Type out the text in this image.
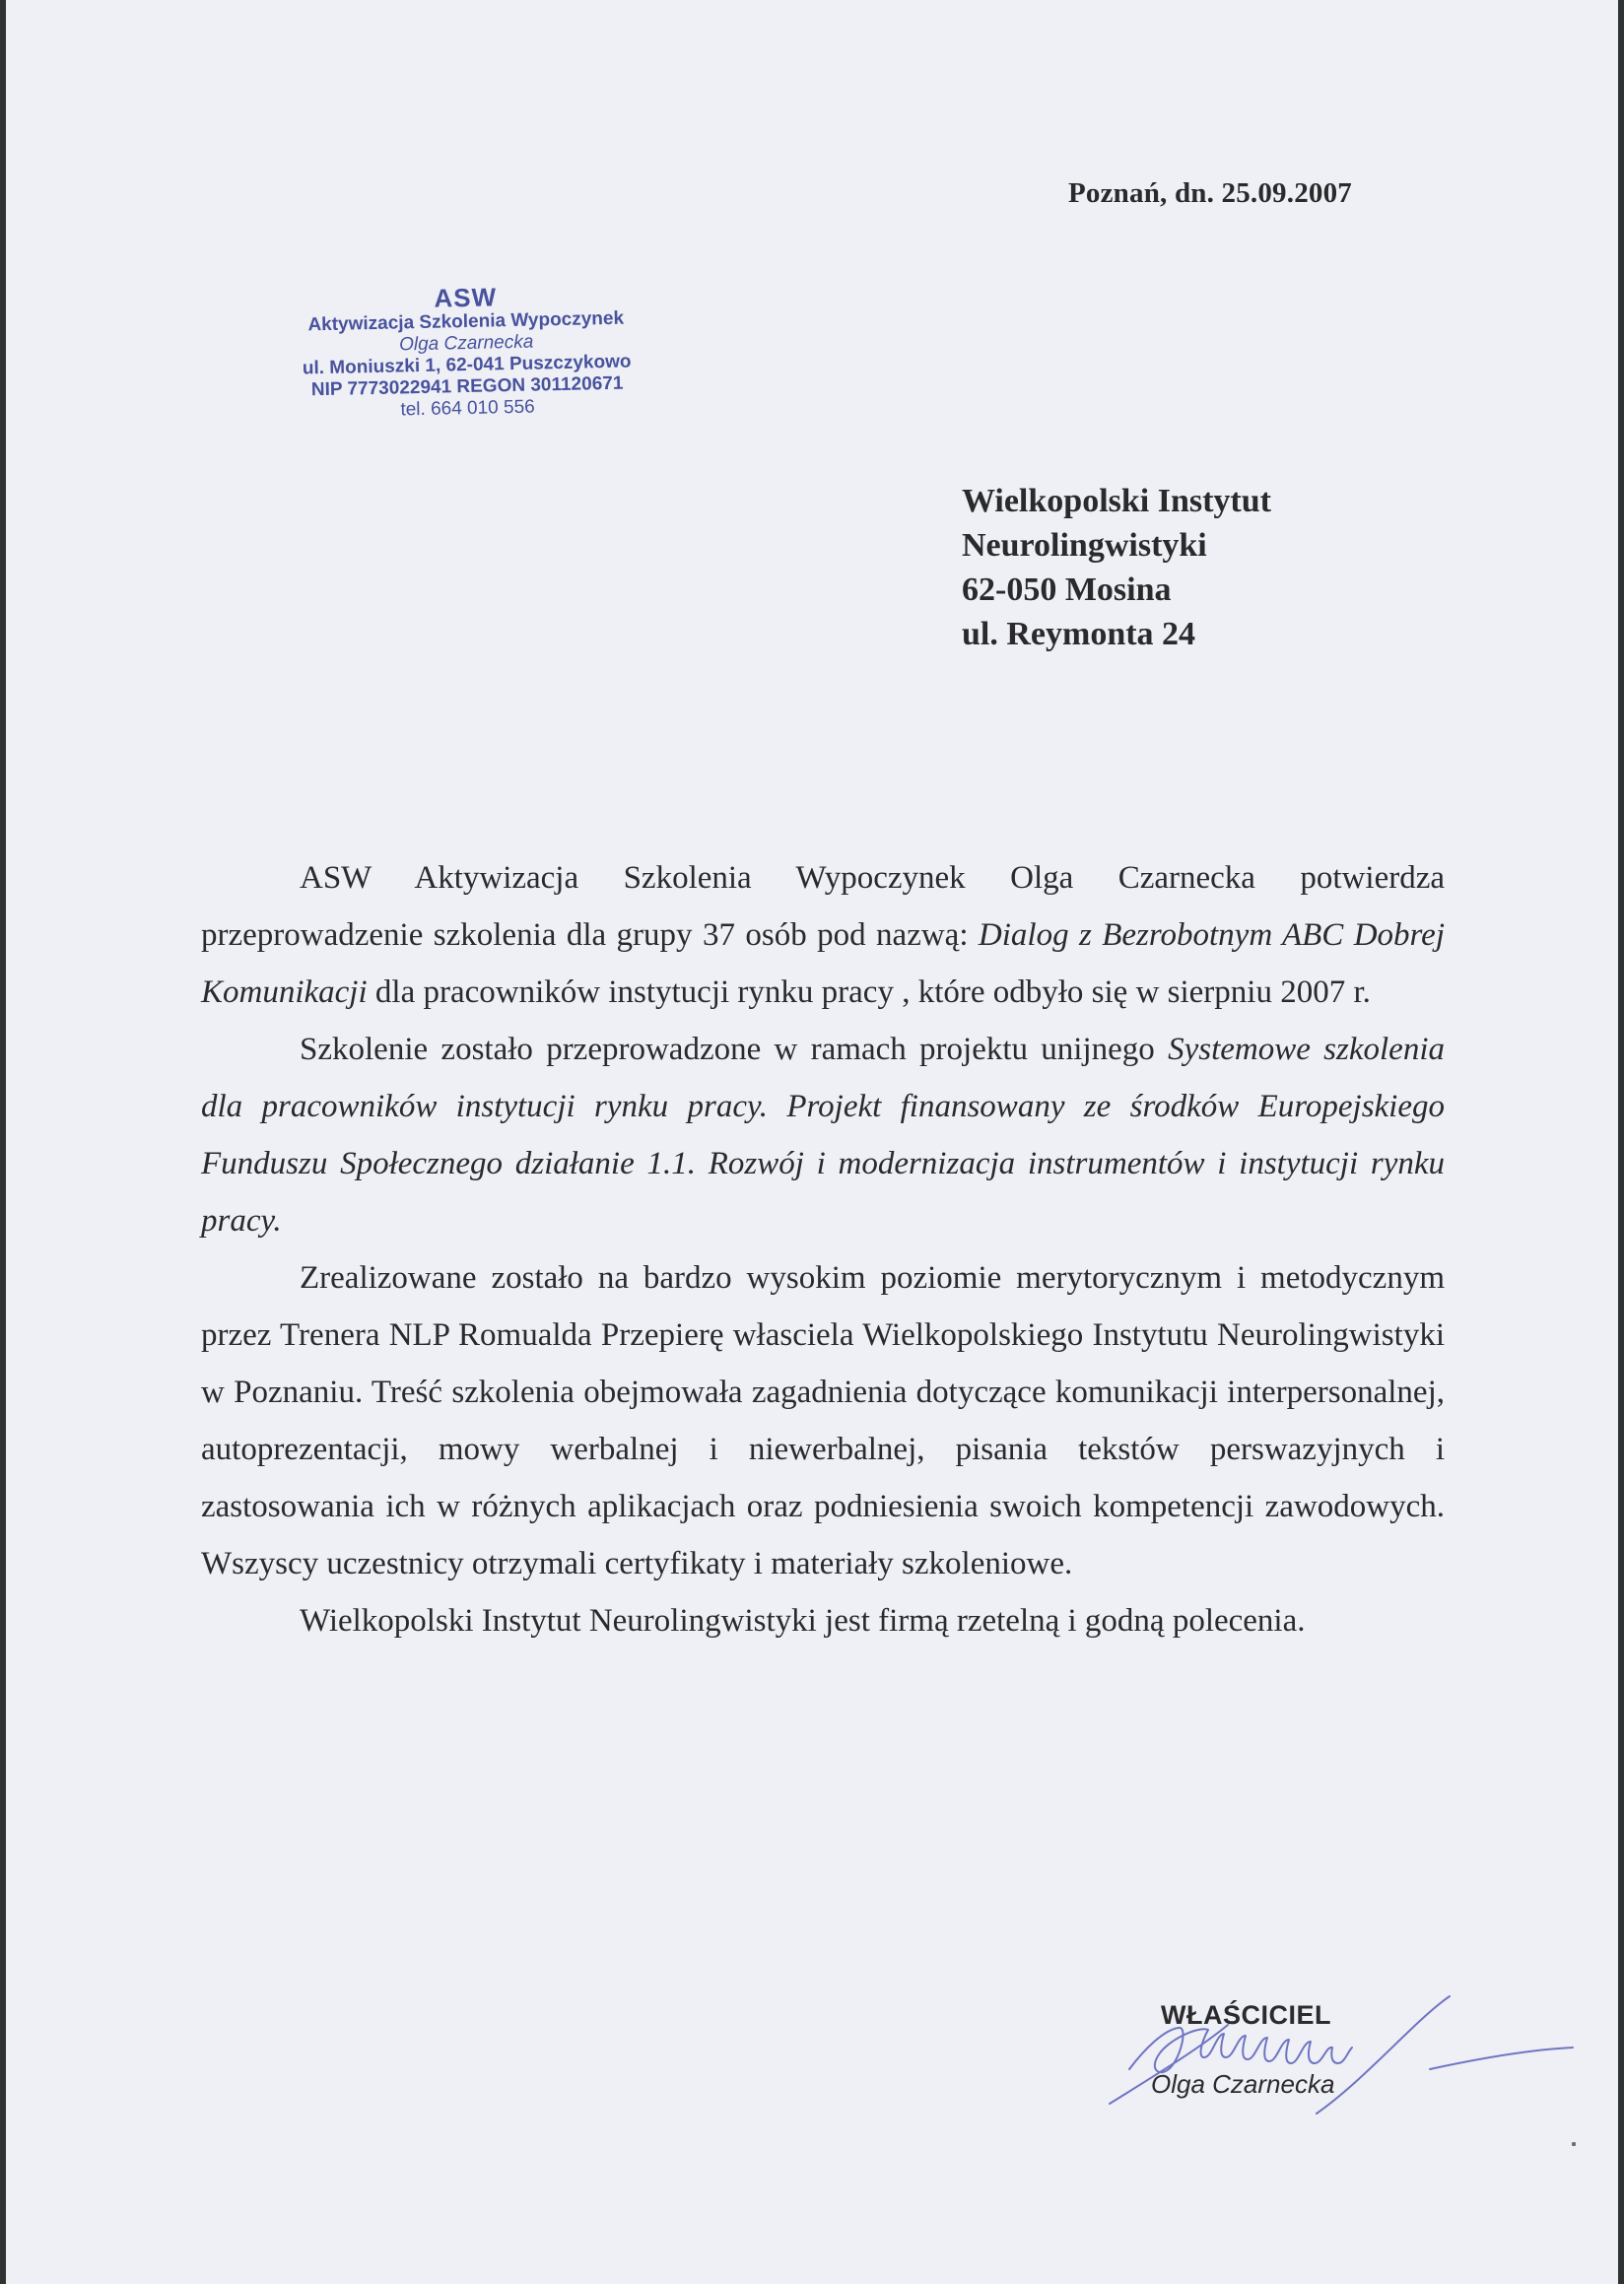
Poznań, dn. 25.09.2007
ASW
Aktywizacja Szkolenia Wypoczynek
Olga Czarnecka
ul. Moniuszki 1, 62-041 Puszczykowo
NIP 7773022941 REGON 301120671
tel. 664 010 556
Wielkopolski Instytut
Neurolingwistyki
62-050 Mosina
ul. Reymonta 24

ASW Aktywizacja Szkolenia Wypoczynek Olga Czarnecka potwierdza przeprowadzenie szkolenia dla grupy 37 osób pod nazwą: Dialog z Bezrobotnym ABC Dobrej Komunikacji dla pracowników instytucji rynku pracy , które odbyło się w sierpniu 2007 r.

Szkolenie zostało przeprowadzone w ramach projektu unijnego Systemowe szkolenia dla pracowników instytucji rynku pracy. Projekt finansowany ze środków Europejskiego Funduszu Społecznego działanie 1.1. Rozwój i modernizacja instrumentów i instytucji rynku pracy.

Zrealizowane zostało na bardzo wysokim poziomie merytorycznym i metodycznym przez Trenera NLP Romualda Przepierę własciela Wielkopolskiego Instytutu Neurolingwistyki w Poznaniu. Treść szkolenia obejmowała zagadnienia dotyczące komunikacji interpersonalnej, autoprezentacji, mowy werbalnej i niewerbalnej, pisania tekstów perswazyjnych i zastosowania ich w różnych aplikacjach oraz podniesienia swoich kompetencji zawodowych. Wszyscy uczestnicy otrzymali certyfikaty i materiały szkoleniowe.

Wielkopolski Instytut Neurolingwistyki jest firmą rzetelną i godną polecenia.

WŁAŚCICIEL
Olga Czarnecka
